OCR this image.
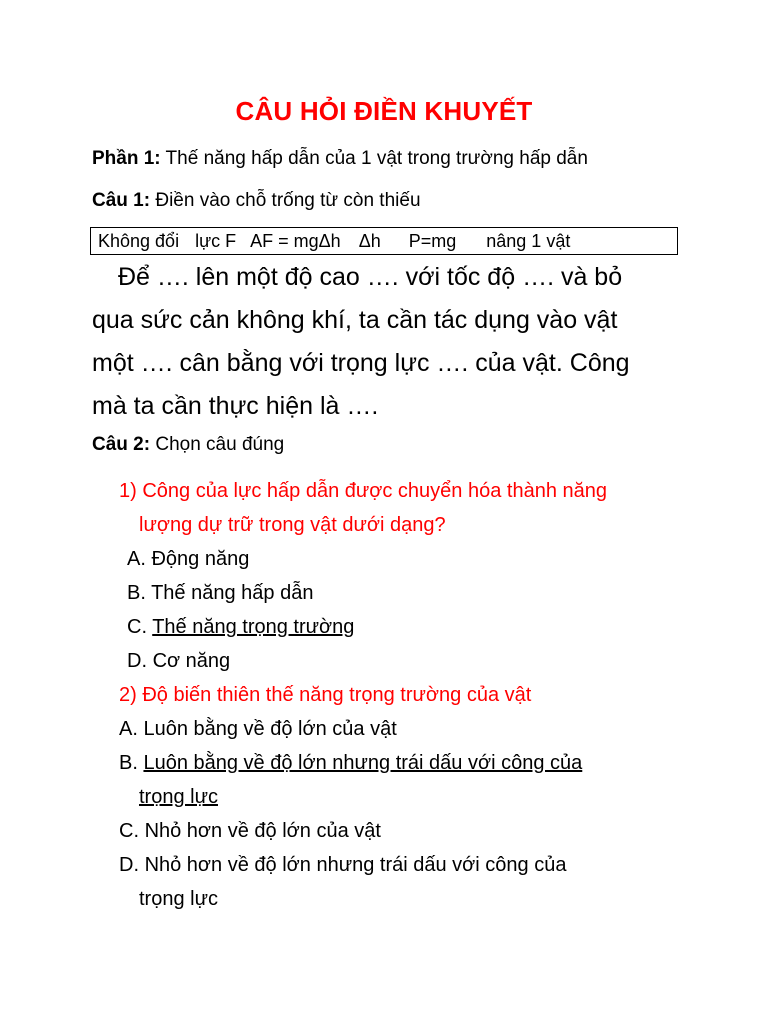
CÂU HỎI ĐIỀN KHUYẾT
Phần 1: Thế năng hấp dẫn của 1 vật trong trường hấp dẫn
Câu 1: Điền vào chỗ trống từ còn thiếu
Không đổi lực F AF = mgΔh Δh P=mg nâng 1 vật
Để …. lên một độ cao …. với tốc độ …. và bỏ
qua sức cản không khí, ta cần tác dụng vào vật
một …. cân bằng với trọng lực …. của vật. Công
mà ta cần thực hiện là ….
Câu 2: Chọn câu đúng
1) Công của lực hấp dẫn được chuyển hóa thành năng
lượng dự trữ trong vật dưới dạng?
A. Động năng
B. Thế năng hấp dẫn
C. Thế năng trọng trường
D. Cơ năng
2) Độ biến thiên thế năng trọng trường của vật
A. Luôn bằng về độ lớn của vật
B. Luôn bằng về độ lớn nhưng trái dấu với công của
trọng lực
C. Nhỏ hơn về độ lớn của vật
D. Nhỏ hơn về độ lớn nhưng trái dấu với công của
trọng lực
